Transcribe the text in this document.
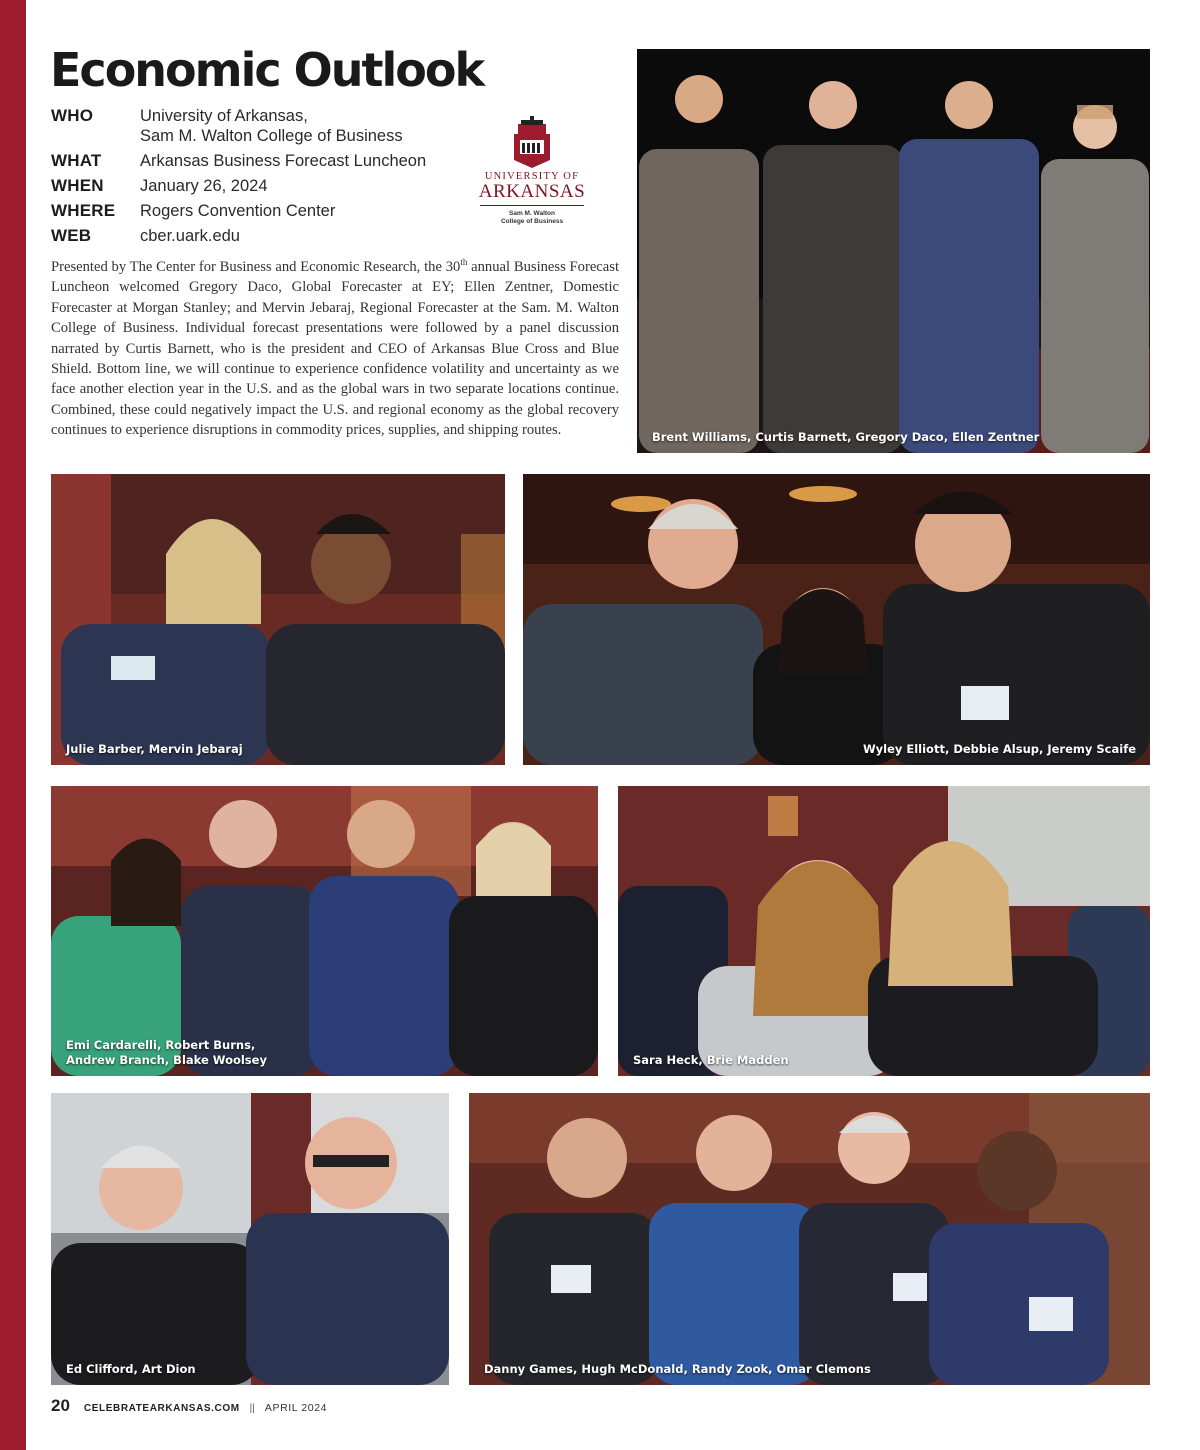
Economic Outlook
WHO	University of Arkansas,
Sam M. Walton College of Business
WHAT	Arkansas Business Forecast Luncheon
WHEN	January 26, 2024
WHERE	Rogers Convention Center
WEB	cber.uark.edu
UNIVERSITY OF
ARKANSAS
Sam M. Walton
College of Business

Presented by The Center for Business and Economic Research, the 30th annual Business Forecast Luncheon welcomed Gregory Daco, Global Forecaster at EY; Ellen Zentner, Domestic Forecaster at Morgan Stanley; and Mervin Jebaraj, Regional Forecaster at the Sam. M. Walton College of Business. Individual forecast presentations were followed by a panel discussion narrated by Curtis Barnett, who is the president and CEO of Arkansas Blue Cross and Blue Shield. Bottom line, we will continue to experience confidence volatility and uncertainty as we face another election year in the U.S. and as the global wars in two separate locations continue. Combined, these could negatively impact the U.S. and regional economy as the global recovery continues to experience disruptions in commodity prices, supplies, and shipping routes.	Brent Williams, Curtis Barnett, Gregory Daco, Ellen Zentner
Julie Barber, Mervin Jebaraj	Wyley Elliott, Debbie Alsup, Jeremy Scaife
Emi Cardarelli, Robert Burns,
Andrew Branch, Blake Woolsey	Sara Heck, Brie Madden
Ed Clifford, Art Dion	Danny Games, Hugh McDonald, Randy Zook, Omar Clemons
20 CELEBRATEARKANSAS.COM || APRIL 2024
